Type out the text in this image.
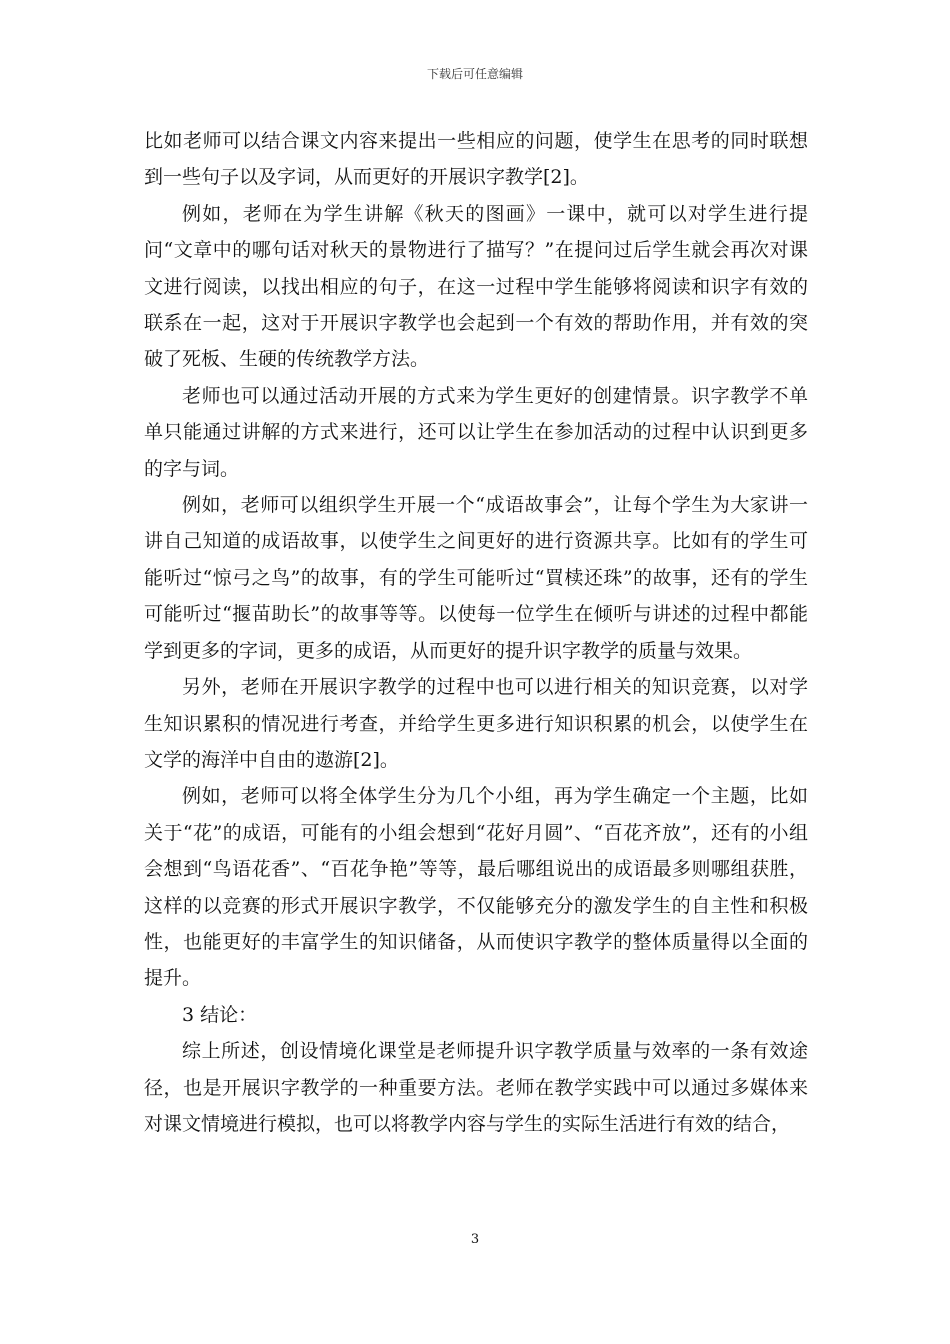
下载后可任意编辑

比如老师可以结合课文内容来提出一些相应的问题，使学生在思考的同时联想到一些句子以及字词，从而更好的开展识字教学[2]。

例如，老师在为学生讲解《秋天的图画》一课中，就可以对学生进行提问“文章中的哪句话对秋天的景物进行了描写？”在提问过后学生就会再次对课文进行阅读，以找出相应的句子，在这一过程中学生能够将阅读和识字有效的联系在一起，这对于开展识字教学也会起到一个有效的帮助作用，并有效的突破了死板、生硬的传统教学方法。

老师也可以通过活动开展的方式来为学生更好的创建情景。识字教学不单单只能通过讲解的方式来进行，还可以让学生在参加活动的过程中认识到更多的字与词。

例如，老师可以组织学生开展一个“成语故事会”，让每个学生为大家讲一讲自己知道的成语故事，以使学生之间更好的进行资源共享。比如有的学生可能听过“惊弓之鸟”的故事，有的学生可能听过“買椟还珠”的故事，还有的学生可能听过“揠苗助长”的故事等等。以使每一位学生在倾听与讲述的过程中都能学到更多的字词，更多的成语，从而更好的提升识字教学的质量与效果。

另外，老师在开展识字教学的过程中也可以进行相关的知识竞赛，以对学生知识累积的情况进行考查，并给学生更多进行知识积累的机会，以使学生在文学的海洋中自由的遨游[2]。

例如，老师可以将全体学生分为几个小组，再为学生确定一个主题，比如关于“花”的成语，可能有的小组会想到“花好月圆”、“百花齐放”，还有的小组会想到“鸟语花香”、“百花争艳”等等，最后哪组说出的成语最多则哪组获胜，这样的以竞赛的形式开展识字教学，不仅能够充分的激发学生的自主性和积极性，也能更好的丰富学生的知识储备，从而使识字教学的整体质量得以全面的提升。

3 结论：

综上所述，创设情境化课堂是老师提升识字教学质量与效率的一条有效途径，也是开展识字教学的一种重要方法。老师在教学实践中可以通过多媒体来对课文情境进行模拟，也可以将教学内容与学生的实际生活进行有效的结合，

3
